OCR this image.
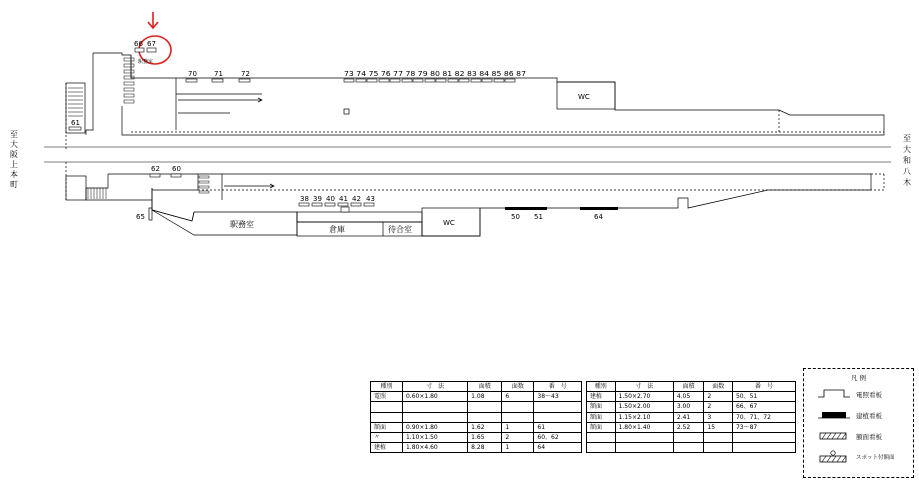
至
大
阪
上
本
町
至
大
和
八
木
66 67
駅務室
70 71	72	73 74 75 76 77 78 79 80 81 82 83 84 85 86 87
61
WC
62 60
38 39 40 41 42 43
65	50 51	64
駅務室
倉庫	待合室
WC
種別	寸　法	面積	面数	番　号
電照	0.60×1.80	1.08	6	38～43

額面	0.90×1.80	1.62	1	61
〃	1.10×1.50	1.65	2	60、62
建植	1.80×4.60	8.28	1	64
種別	寸　法	面積	面数	番　号
建植	1.50×2.70	4.05	2	50、51
額面	1.50×2.00	3.00	2	66、67
額面	1.15×2.10	2.41	3	70、71、72
額面	1.80×1.40	2.52	15	73～87

凡 例
電照看板
建植看板
額面看板
スポット付額面
